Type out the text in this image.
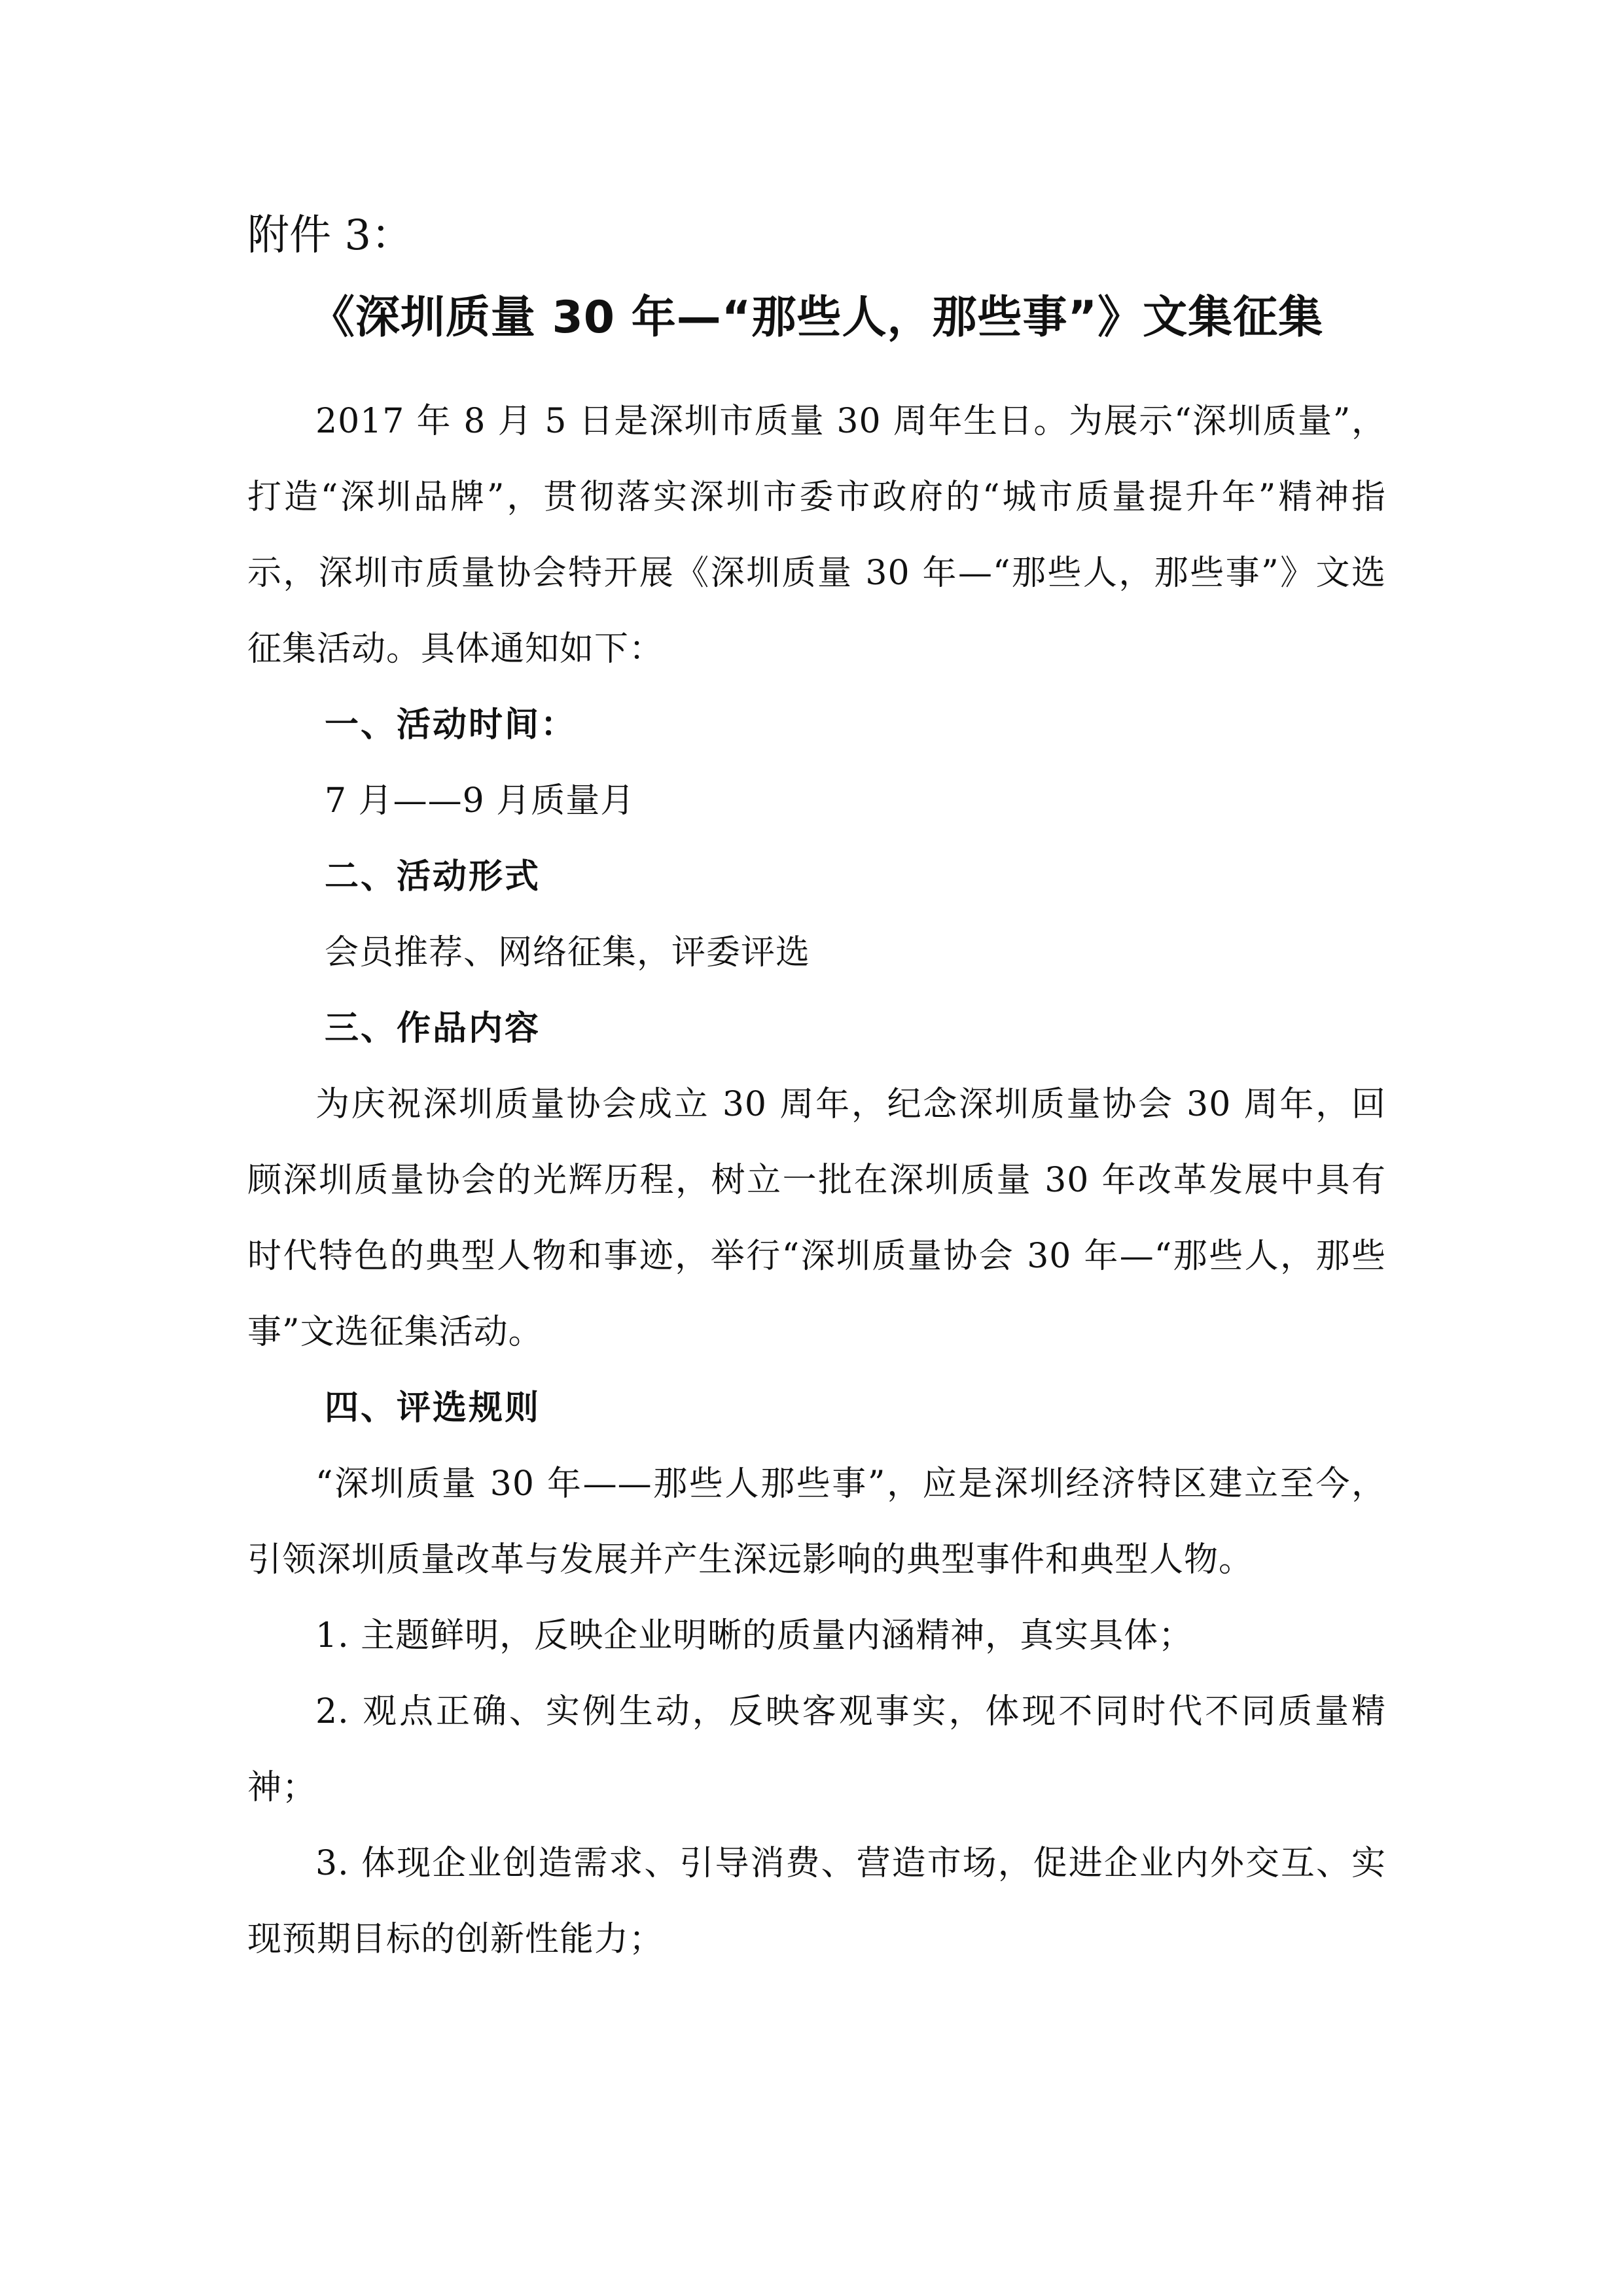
附件 3：

《深圳质量 30 年—“那些人，那些事”》文集征集

2017 年 8 月 5 日是深圳市质量 30 周年生日。为展示“深圳质量”，打造“深圳品牌”，贯彻落实深圳市委市政府的“城市质量提升年”精神指示，深圳市质量协会特开展《深圳质量 30 年—“那些人，那些事”》文选征集活动。具体通知如下：

一、活动时间：

7 月——9 月质量月

二、活动形式

会员推荐、网络征集，评委评选

三、作品内容

为庆祝深圳质量协会成立 30 周年，纪念深圳质量协会 30 周年，回顾深圳质量协会的光辉历程，树立一批在深圳质量 30 年改革发展中具有时代特色的典型人物和事迹，举行“深圳质量协会 30 年—“那些人，那些事”文选征集活动。

四、评选规则

“深圳质量 30 年——那些人那些事”，应是深圳经济特区建立至今，引领深圳质量改革与发展并产生深远影响的典型事件和典型人物。

1. 主题鲜明，反映企业明晰的质量内涵精神，真实具体；

2. 观点正确、实例生动，反映客观事实，体现不同时代不同质量精神；

3. 体现企业创造需求、引导消费、营造市场，促进企业内外交互、实现预期目标的创新性能力；
